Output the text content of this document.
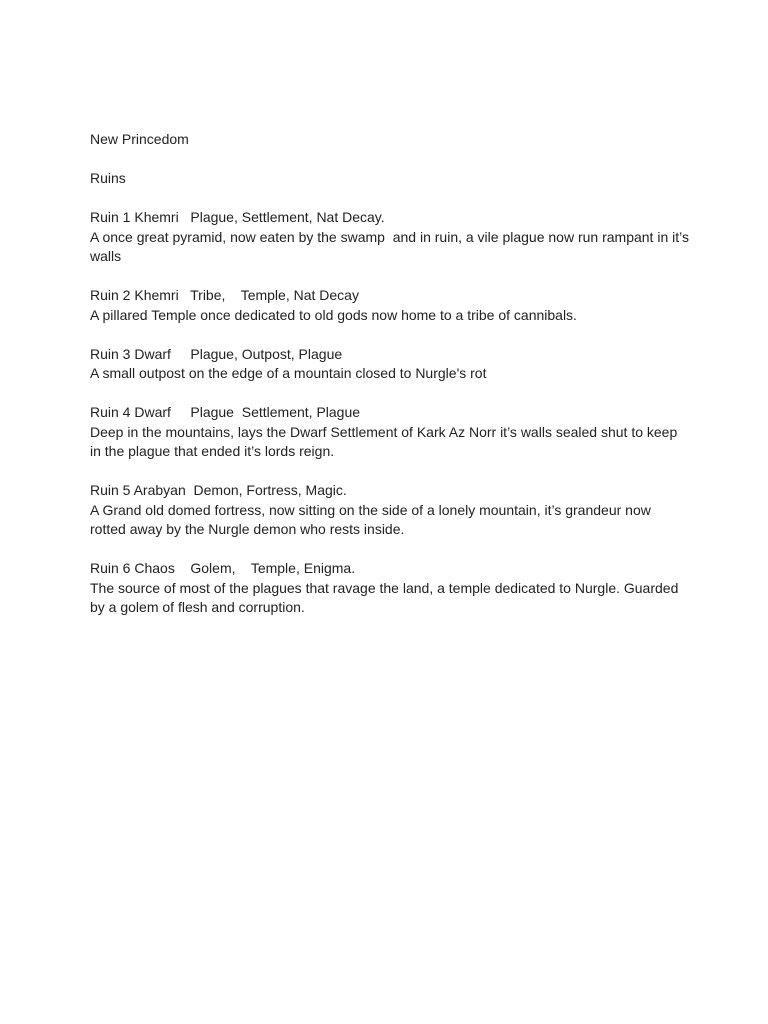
New Princedom

Ruins

Ruin 1 Khemri   Plague, Settlement, Nat Decay.

A once great pyramid, now eaten by the swamp  and in ruin, a vile plague now run rampant in it’s walls

Ruin 2 Khemri   Tribe,    Temple, Nat Decay

A pillared Temple once dedicated to old gods now home to a tribe of cannibals.

Ruin 3 Dwarf     Plague, Outpost, Plague

A small outpost on the edge of a mountain closed to Nurgle's rot

Ruin 4 Dwarf     Plague  Settlement, Plague

Deep in the mountains, lays the Dwarf Settlement of Kark Az Norr it’s walls sealed shut to keep in the plague that ended it’s lords reign.

Ruin 5 Arabyan  Demon, Fortress, Magic.

A Grand old domed fortress, now sitting on the side of a lonely mountain, it’s grandeur now rotted away by the Nurgle demon who rests inside.

Ruin 6 Chaos    Golem,    Temple, Enigma.

The source of most of the plagues that ravage the land, a temple dedicated to Nurgle. Guarded by a golem of flesh and corruption.
